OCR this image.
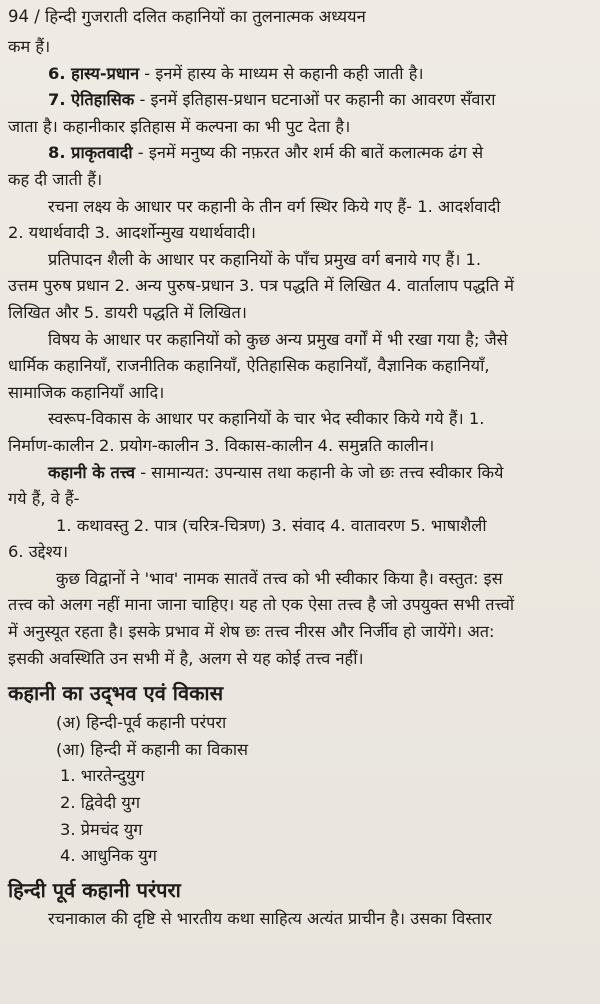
94 / हिन्दी गुजराती दलित कहानियों का तुलनात्मक अध्ययन
कम हैं।
6. हास्य-प्रधान - इनमें हास्य के माध्यम से कहानी कही जाती है।
7. ऐतिहासिक - इनमें इतिहास-प्रधान घटनाओं पर कहानी का आवरण सँवारा
जाता है। कहानीकार इतिहास में कल्पना का भी पुट देता है।
8. प्राकृतवादी - इनमें मनुष्य की नफ़रत और शर्म की बातें कलात्मक ढंग से
कह दी जाती हैं।
रचना लक्ष्य के आधार पर कहानी के तीन वर्ग स्थिर किये गए हैं- 1. आदर्शवादी
2. यथार्थवादी 3. आदर्शोन्मुख यथार्थवादी।
प्रतिपादन शैली के आधार पर कहानियों के पाँच प्रमुख वर्ग बनाये गए हैं। 1.
उत्तम पुरुष प्रधान 2. अन्य पुरुष-प्रधान 3. पत्र पद्धति में लिखित 4. वार्तालाप पद्धति में
लिखित और 5. डायरी पद्धति में लिखित।
विषय के आधार पर कहानियों को कुछ अन्य प्रमुख वर्गों में भी रखा गया है; जैसे
धार्मिक कहानियाँ, राजनीतिक कहानियाँ, ऐतिहासिक कहानियाँ, वैज्ञानिक कहानियाँ,
सामाजिक कहानियाँ आदि।
स्वरूप-विकास के आधार पर कहानियों के चार भेद स्वीकार किये गये हैं। 1.
निर्माण-कालीन 2. प्रयोग-कालीन 3. विकास-कालीन 4. समुन्नति कालीन।
कहानी के तत्त्व - सामान्यत: उपन्यास तथा कहानी के जो छः तत्त्व स्वीकार किये
गये हैं, वे हैं-
1. कथावस्तु 2. पात्र (चरित्र-चित्रण) 3. संवाद 4. वातावरण 5. भाषाशैली
6. उद्देश्य।
कुछ विद्वानों ने 'भाव' नामक सातवें तत्त्व को भी स्वीकार किया है। वस्तुत: इस
तत्त्व को अलग नहीं माना जाना चाहिए। यह तो एक ऐसा तत्त्व है जो उपयुक्त सभी तत्त्वों
में अनुस्यूत रहता है। इसके प्रभाव में शेष छः तत्त्व नीरस और निर्जीव हो जायेंगे। अत:
इसकी अवस्थिति उन सभी में है, अलग से यह कोई तत्त्व नहीं।
कहानी का उद्‌भव एवं विकास
(अ) हिन्दी-पूर्व कहानी परंपरा
(आ) हिन्दी में कहानी का विकास
1. भारतेन्दुयुग
2. द्विवेदी युग
3. प्रेमचंद युग
4. आधुनिक युग
हिन्दी पूर्व कहानी परंपरा
रचनाकाल की दृष्टि से भारतीय कथा साहित्य अत्यंत प्राचीन है। उसका विस्तार
